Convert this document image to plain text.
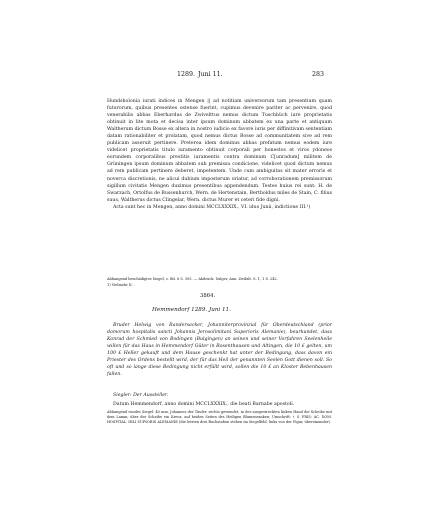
1289. Juni 11.	283

Hundsholonia iurati indices in Mengen || ad notitiam universorum tam presentium quam futurorum, quibus presentes ostense fuerint, cupimus devenire pariter ac pervenire, quod venerabilis abbas Eberhardus de Zwivelttus nemus dictum Tuschbüch iure proprietatis obtinuit in lite mota et decisa inter ipsum dominum abbatem ex una parte et antiquum Waltherum dictum Bosse ex altera in nostro iudicio ex favore iuris per diffinitivam sententiam datam rationabiliter et prolatam, quod nemus dictus Bosse ad communitatem sive ad rem publicam asseruit pertinere. Preterea idem dominus abbas prefatum nemus eodem iure videlicet proprietatis titulo iuramento obtinuit corporali per honestos et viros ydoneos eorundem corporalibus prestitis iuramentis contra dominum C[unradum] militem de Grüningen ipsum dominum abbatem sub premissa condicione, videlicet quod dictum nemus ad rem publicam pertinere deberet, impetentem. Unde cum ambiguitas sit mater erroris et noverca discretionis, ne alicui dubium imposterum oriatur, ad corroborationem premissorum sigillum civitatis Mengen duximus presentibus appendendum. Testes huius rei sunt: H. de Swarzach, Ortolfus de Bussenhurch, Wern. de Hertenstain, Bertholdus miles de Stain, C. filius suus, Waltherus dictus Clingelar, Wern. dictus Murer et ceteri fide digni.

Acta sunt hec in Mengen, anno domini MCCLXXXIX., VI. idus Junii, indictione III.¹)

Abhangend beschädigtes Siegel, s. Bd. 8 S. 305. — Abdruck: Sulger, Ann. Zwifalt. S. 1, 1 S. 242.
1) Vielmehr II.
3864.
Hemmendorf 1289. Juni 11.

Bruder Helwig von Randersacker, Johanniterprovinzial für Oberdeutschland (prior domorum hospitalis sancti Johannis Jerosolimitani Superioris Alemanie), beurkundet, dass Konrad der Schmied von Bodingen (Bulgingen) an seinen und seiner Vorfahren Seelenheile willen für das Haus in Hemmendorf Güter in Rosenthausen und Altingen, die 10 £ gelten, um 100 £ Heller gekauft und dem Hause geschenkt hat unter der Bedingung, dass davon ein Priester des Ordens bestellt wird, der für das Heil der genannten Seelen Gott dienen soll. So oft und so lange diese Bedingung nicht erfüllt wird, sollen die 10 £ an Kloster Bebenhausen fallen.

Siegler: Der Aussteller.
Datum Hemmendorf, anno domini MCCLXXXIX., die beati Barnabe apostoli.
Abhangend rundes Siegel: 40 mm, Johannes der Täufer, rechts gewendet, in der ausgestreckten linken Hand die Scheibe mit dem Lamm, über der Scheibe ein Kreuz, auf beiden Seiten des Heiligen Blumenranken; Umschrift: † S. FRIS: AC. DOM. HOSPITAL. IHLI SUPs̃ORIS ALEMANIE (die letzten drei Buchstaben stehen im Siegelfeld, links von der Figur, übereinander).
